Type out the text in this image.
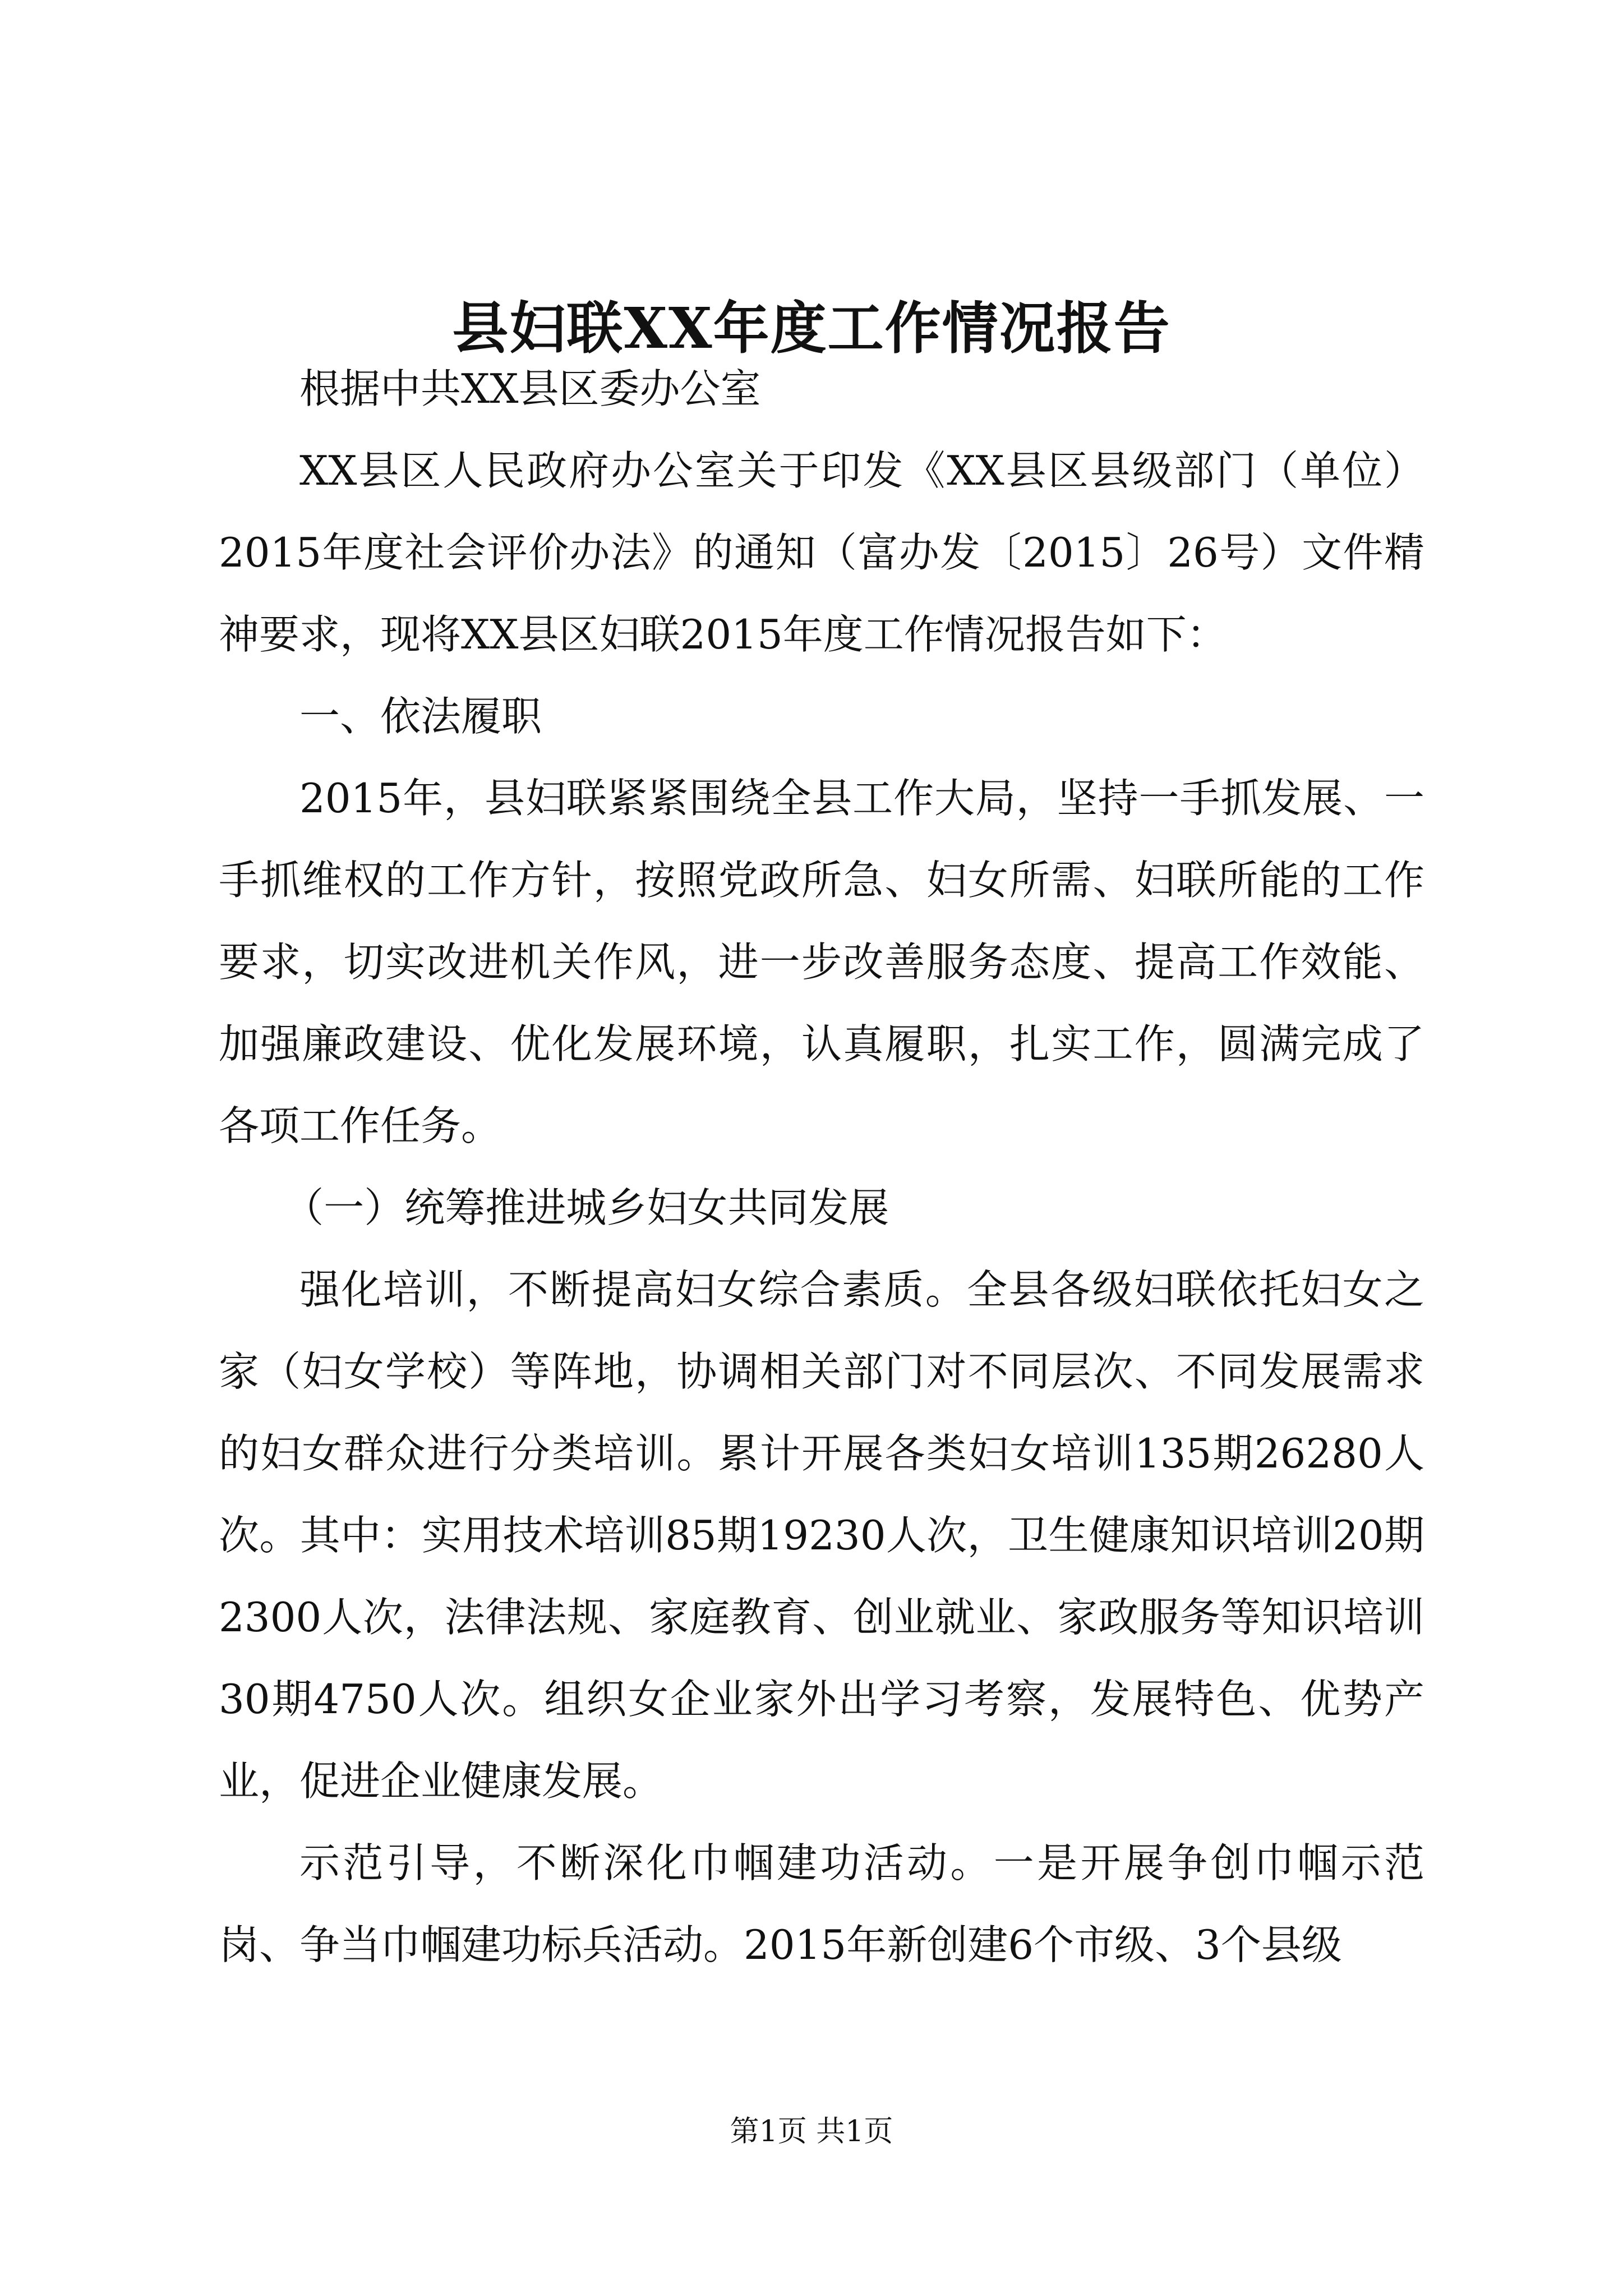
县妇联XX年度工作情况报告

根据中共XX县区委办公室

XX县区人民政府办公室关于印发《XX县区县级部门（单位）2015年度社会评价办法》的通知（富办发〔2015〕26号）文件精神要求，现将XX县区妇联2015年度工作情况报告如下：

一、依法履职

2015年，县妇联紧紧围绕全县工作大局，坚持一手抓发展、一手抓维权的工作方针，按照党政所急、妇女所需、妇联所能的工作要求，切实改进机关作风，进一步改善服务态度、提高工作效能、加强廉政建设、优化发展环境，认真履职，扎实工作，圆满完成了各项工作任务。

（一）统筹推进城乡妇女共同发展

强化培训，不断提高妇女综合素质。全县各级妇联依托妇女之家（妇女学校）等阵地，协调相关部门对不同层次、不同发展需求的妇女群众进行分类培训。累计开展各类妇女培训135期26280人次。其中：实用技术培训85期19230人次，卫生健康知识培训20期2300人次，法律法规、家庭教育、创业就业、家政服务等知识培训30期4750人次。组织女企业家外出学习考察，发展特色、优势产业，促进企业健康发展。

示范引导，不断深化巾帼建功活动。一是开展争创巾帼示范岗、争当巾帼建功标兵活动。2015年新创建6个市级、3个县级

第1页 共1页
